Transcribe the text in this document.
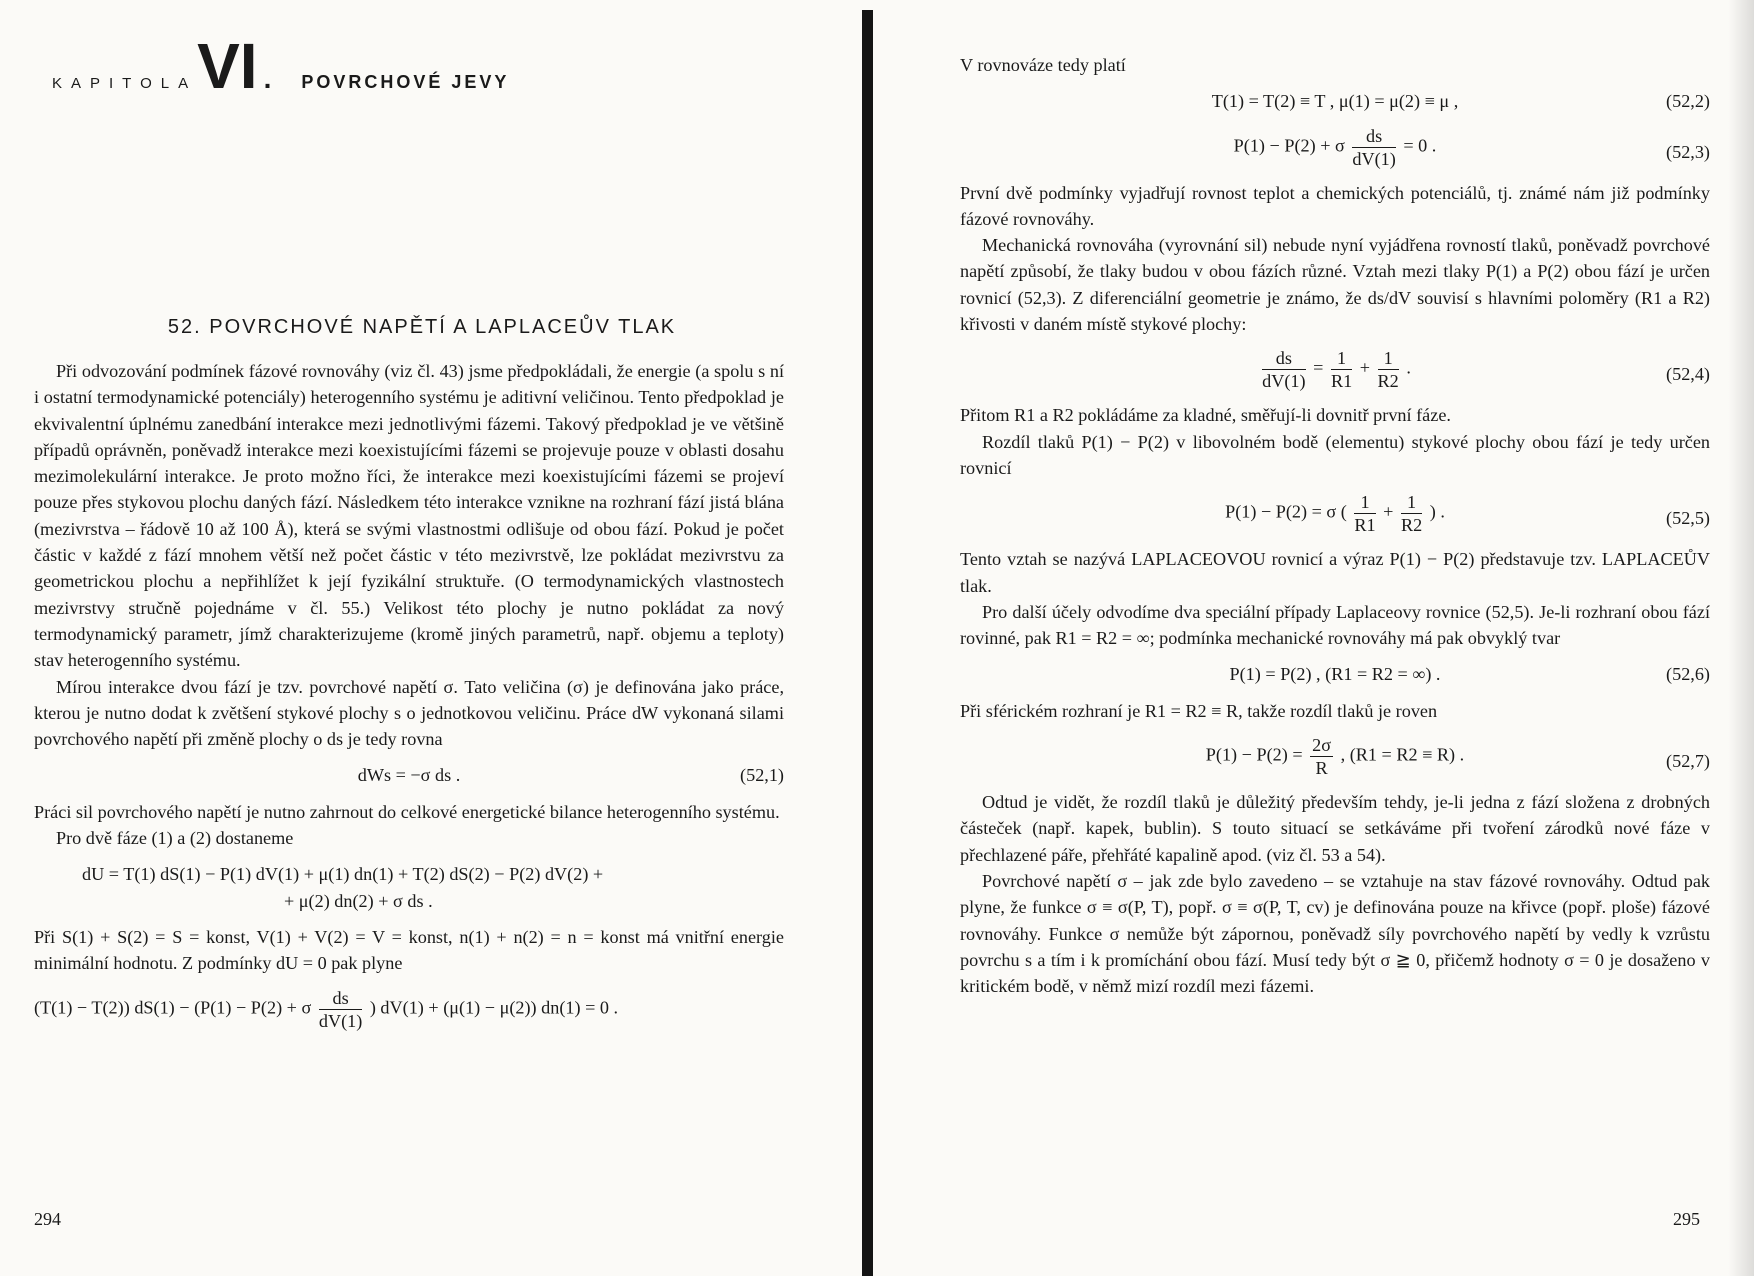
KAPITOLA VI . POVRCHOVÉ JEVY
52. POVRCHOVÉ NAPĚTÍ A LAPLACEŮV TLAK

Při odvozování podmínek fázové rovnováhy (viz čl. 43) jsme předpokládali, že energie (a spolu s ní i ostatní termodynamické potenciály) heterogenního systému je aditivní veličinou. Tento předpoklad je ekvivalentní úplnému zanedbání interakce mezi jednotlivými fázemi. Takový předpoklad je ve většině případů oprávněn, poněvadž interakce mezi koexistujícími fázemi se projevuje pouze v oblasti dosahu mezimolekulární interakce. Je proto možno říci, že interakce mezi koexistujícími fázemi se projeví pouze přes stykovou plochu daných fází. Následkem této interakce vznikne na rozhraní fází jistá blána (mezivrstva – řádově 10 až 100 Å), která se svými vlastnostmi odlišuje od obou fází. Pokud je počet částic v každé z fází mnohem větší než počet částic v této mezivrstvě, lze pokládat mezivrstvu za geometrickou plochu a nepřihlížet k její fyzikální struktuře. (O termodynamických vlastnostech mezivrstvy stručně pojednáme v čl. 55.) Velikost této plochy je nutno pokládat za nový termodynamický parametr, jímž charakterizujeme (kromě jiných parametrů, např. objemu a teploty) stav heterogenního systému.

Mírou interakce dvou fází je tzv. povrchové napětí σ. Tato veličina (σ) je definována jako práce, kterou je nutno dodat k zvětšení stykové plochy s o jednotkovou veličinu. Práce dW vykonaná silami povrchového napětí při změně plochy o ds je tedy rovna

dWs = −σ ds .	(52,1)

Práci sil povrchového napětí je nutno zahrnout do celkové energetické bilance heterogenního systému.

Pro dvě fáze (1) a (2) dostaneme

dU = T(1) dS(1) − P(1) dV(1) + μ(1) dn(1) + T(2) dS(2) − P(2) dV(2) +
+ μ(2) dn(2) + σ ds .

Při S(1) + S(2) = S = konst, V(1) + V(2) = V = konst, n(1) + n(2) = n = konst má vnitřní energie minimální hodnotu. Z podmínky dU = 0 pak plyne

(T(1) − T(2)) dS(1) − (P(1) − P(2) + σ $\frac{ds}{dV(1)}$ ) dV(1) + (μ(1) − μ(2)) dn(1) = 0 .
294

V rovnováze tedy platí

T(1) = T(2) ≡ T , μ(1) = μ(2) ≡ μ ,	(52,2)
P(1) − P(2) + σ $\frac{ds}{dV(1)} = 0$ .	(52,3)

První dvě podmínky vyjadřují rovnost teplot a chemických potenciálů, tj. známé nám již podmínky fázové rovnováhy.

Mechanická rovnováha (vyrovnání sil) nebude nyní vyjádřena rovností tlaků, poněvadž povrchové napětí způsobí, že tlaky budou v obou fázích různé. Vztah mezi tlaky P(1) a P(2) obou fází je určen rovnicí (52,3). Z diferenciální geometrie je známo, že ds/dV souvisí s hlavními poloměry (R1 a R2) křivosti v daném místě stykové plochy:

$\frac{ds}{dV(1)} = \frac{1}{R1} + \frac{1}{R2}$ .	(52,4)

Přitom R1 a R2 pokládáme za kladné, směřují-li dovnitř první fáze.

Rozdíl tlaků P(1) − P(2) v libovolném bodě (elementu) stykové plochy obou fází je tedy určen rovnicí

P(1) − P(2) = σ ( $\frac{1}{R1} + \frac{1}{R2}$ ) .	(52,5)

Tento vztah se nazývá LAPLACEOVOU rovnicí a výraz P(1) − P(2) představuje tzv. LAPLACEŮV tlak.

Pro další účely odvodíme dva speciální případy Laplaceovy rovnice (52,5). Je-li rozhraní obou fází rovinné, pak R1 = R2 = ∞; podmínka mechanické rovnováhy má pak obvyklý tvar

P(1) = P(2) , (R1 = R2 = ∞) .	(52,6)

Při sférickém rozhraní je R1 = R2 ≡ R, takže rozdíl tlaků je roven

$P(1) - P(2) = \frac{2\sigma}{R}$ , (R1 = R2 ≡ R) .	(52,7)

Odtud je vidět, že rozdíl tlaků je důležitý především tehdy, je-li jedna z fází složena z drobných částeček (např. kapek, bublin). S touto situací se setkáváme při tvoření zárodků nové fáze v přechlazené páře, přehřáté kapalině apod. (viz čl. 53 a 54).

Povrchové napětí σ – jak zde bylo zavedeno – se vztahuje na stav fázové rovnováhy. Odtud pak plyne, že funkce σ ≡ σ(P, T), popř. σ ≡ σ(P, T, cv) je definována pouze na křivce (popř. ploše) fázové rovnováhy. Funkce σ nemůže být zápornou, poněvadž síly povrchového napětí by vedly k vzrůstu povrchu s a tím i k promíchání obou fází. Musí tedy být σ ≧ 0, přičemž hodnoty σ = 0 je dosaženo v kritickém bodě, v němž mizí rozdíl mezi fázemi.

295
